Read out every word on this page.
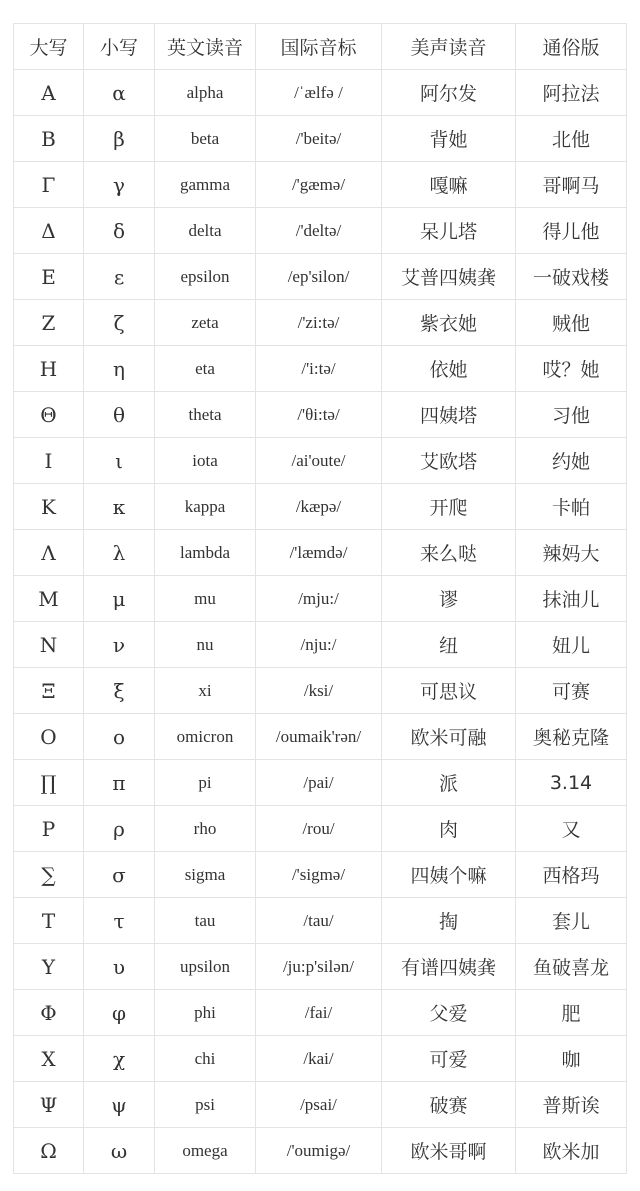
大写	小写	英文读音	国际音标	美声读音	通俗版
Α	α	alpha	/ˈælfə /	阿尔发	阿拉法
Β	β	beta	/'beitə/	背她	北他
Γ	γ	gamma	/'gæmə/	嘎嘛	哥啊马
Δ	δ	delta	/'deltə/	呆儿塔	得儿他
Ε	ε	epsilon	/ep'silon/	艾普四姨龚	一破戏楼
Ζ	ζ	zeta	/'zi:tə/	紫衣她	贼他
Η	η	eta	/'i:tə/	依她	哎？她
Θ	θ	theta	/'θi:tə/	四姨塔	习他
Ι	ι	iota	/ai'oute/	艾欧塔	约她
Κ	κ	kappa	/kæpə/	开爬	卡帕
Λ	λ	lambda	/'læmdə/	来么哒	辣妈大
Μ	μ	mu	/mju:/	谬	抹油儿
Ν	ν	nu	/nju:/	纽	妞儿
Ξ	ξ	xi	/ksi/	可思议	可赛
Ο	ο	omicron	/oumaik'rən/	欧米可融	奥秘克隆
∏	π	pi	/pai/	派	3.14
Ρ	ρ	rho	/rou/	肉	又
∑	σ	sigma	/'sigmə/	四姨个嘛	西格玛
Τ	τ	tau	/tau/	掏	套儿
Υ	υ	upsilon	/ju:p'silən/	有谱四姨龚	鱼破喜龙
Φ	φ	phi	/fai/	父爱	肥
Χ	χ	chi	/kai/	可爱	咖
Ψ	ψ	psi	/psai/	破赛	普斯诶
Ω	ω	omega	/'oumigə/	欧米哥啊	欧米加
